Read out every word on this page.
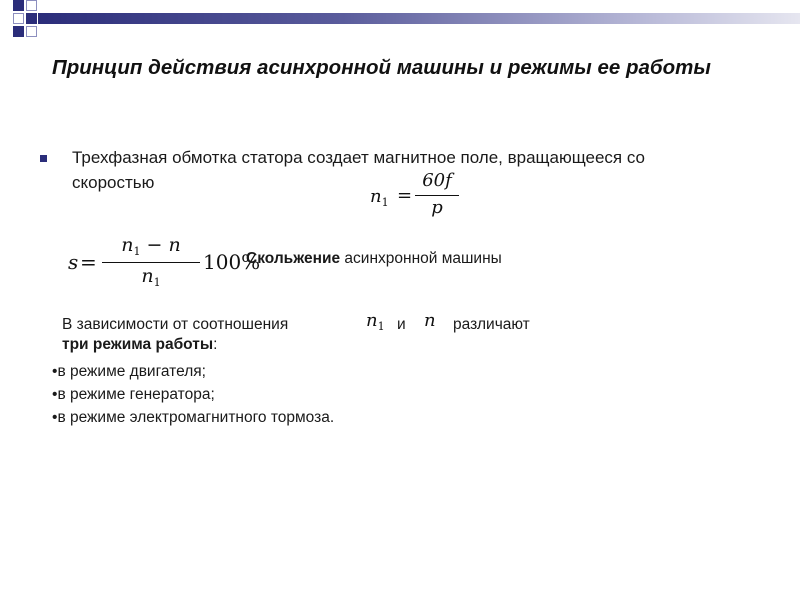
Принцип действия асинхронной машины и режимы ее работы
Трехфазная обмотка статора создает магнитное поле, вращающееся со скоростью
$n_1$ =
60f
p
s =
$n_1 - n$
$n_1$
100%
Скольжение асинхронной машины
В зависимости от соотношения	$n_1$ и n различают
три режима работы:
• в режиме двигателя;
• в режиме генератора;
• в режиме электромагнитного тормоза.
